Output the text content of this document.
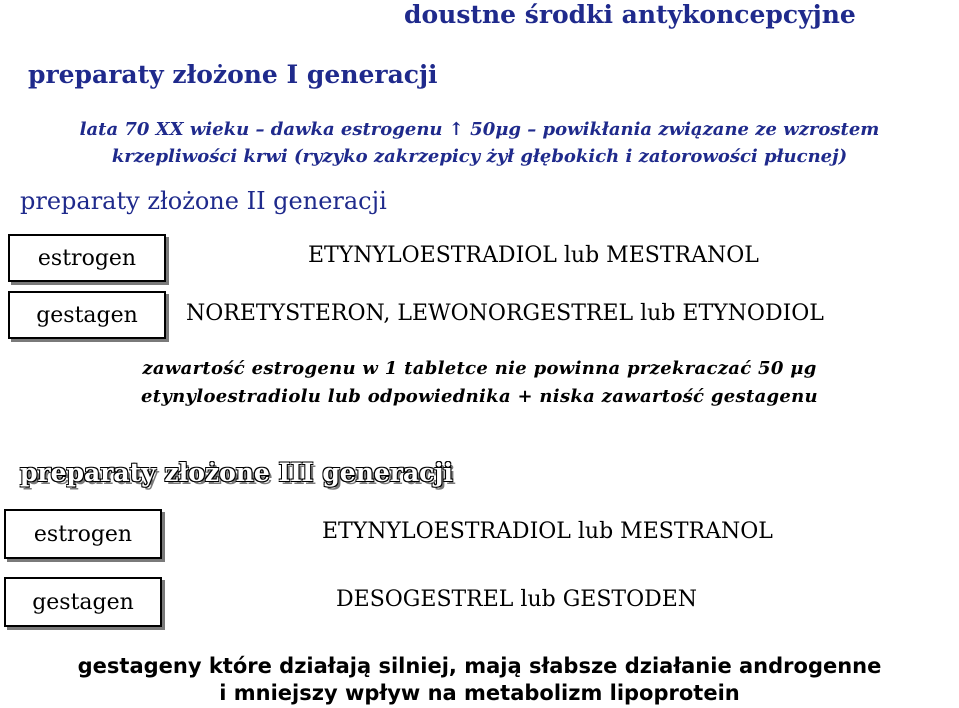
doustne środki antykoncepcyjne
preparaty złożone I generacji
lata 70 XX wieku – dawka estrogenu ↑ 50μg – powikłania związane ze wzrostem
krzepliwości krwi (ryzyko zakrzepicy żył głębokich i zatorowości płucnej)
preparaty złożone II generacji
estrogen	ETYNYLOESTRADIOL lub MESTRANOL
gestagen NORETYSTERON, LEWONORGESTREL lub ETYNODIOL
zawartość estrogenu w 1 tabletce nie powinna przekraczać 50 μg
etynyloestradiolu lub odpowiednika + niska zawartość gestagenu
preparaty złożone III generacji
estrogen	ETYNYLOESTRADIOL lub MESTRANOL
gestagen	DESOGESTREL lub GESTODEN
gestageny które działają silniej, mają słabsze działanie androgenne
i mniejszy wpływ na metabolizm lipoprotein
